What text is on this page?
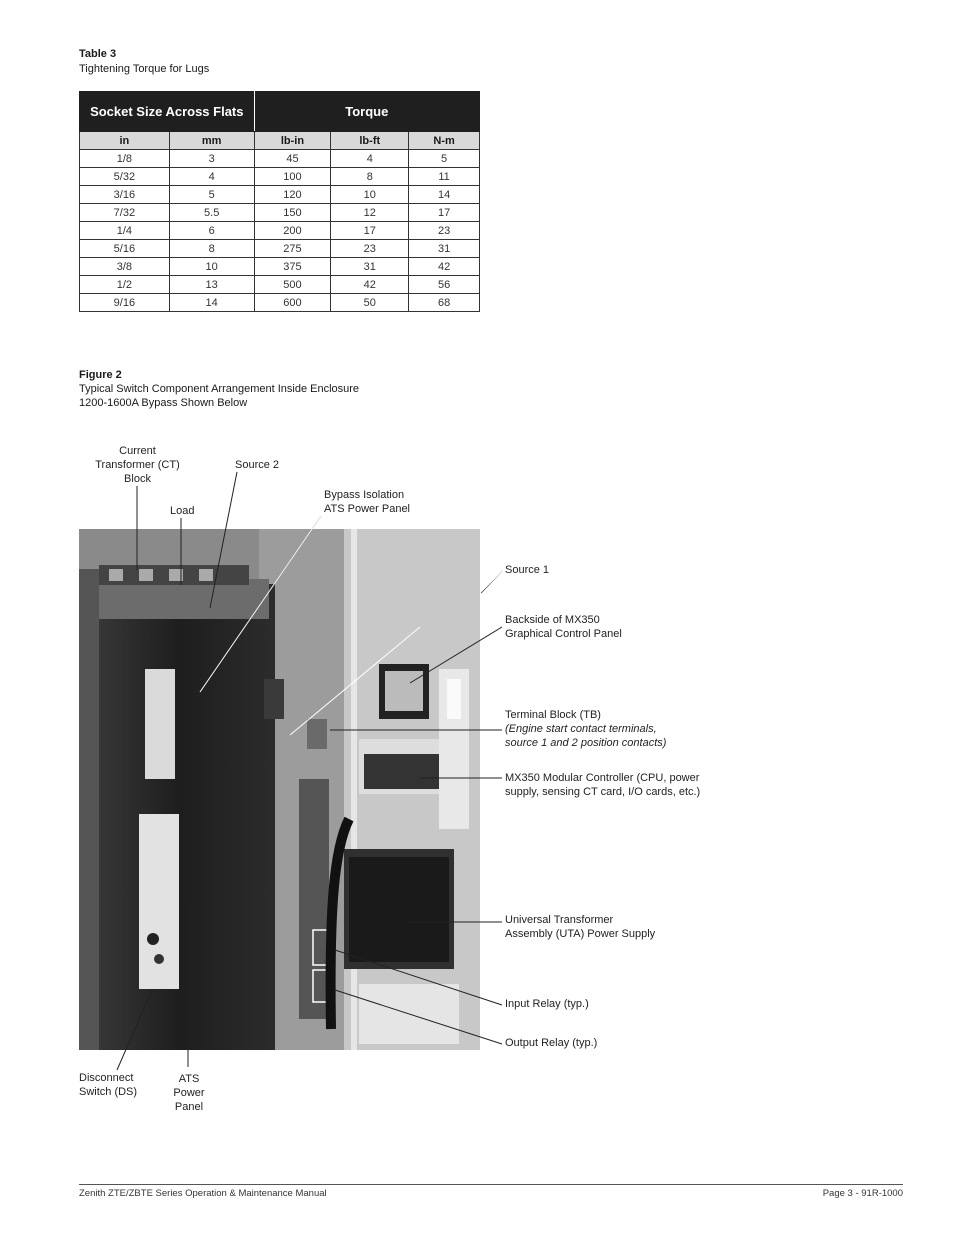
Table 3
Tightening Torque for Lugs
Socket Size Across Flats		Torque		
in	mm	lb-in	lb-ft	N-m
1/8	3	45	4	5
5/32	4	100	8	11
3/16	5	120	10	14
7/32	5.5	150	12	17
1/4	6	200	17	23
5/16	8	275	23	31
3/8	10	375	31	42
1/2	13	500	42	56
9/16	14	600	50	68
Figure 2
Typical Switch Component Arrangement Inside Enclosure
1200-1600A Bypass Shown Below
Current
Transformer (CT)
Block
Source 2
Load
Bypass Isolation
ATS Power Panel
Source 1
Backside of MX350
Graphical Control Panel
Terminal Block (TB)
(Engine start contact terminals,
source 1 and 2 position contacts)
MX350 Modular Controller (CPU, power
supply, sensing CT card, I/O cards, etc.)
Universal Transformer
Assembly (UTA) Power Supply
Input Relay (typ.)
Output Relay (typ.)
Disconnect
Switch (DS)
ATS
Power
Panel
Zenith ZTE/ZBTE Series Operation & Maintenance Manual	Page 3 - 91R-1000
